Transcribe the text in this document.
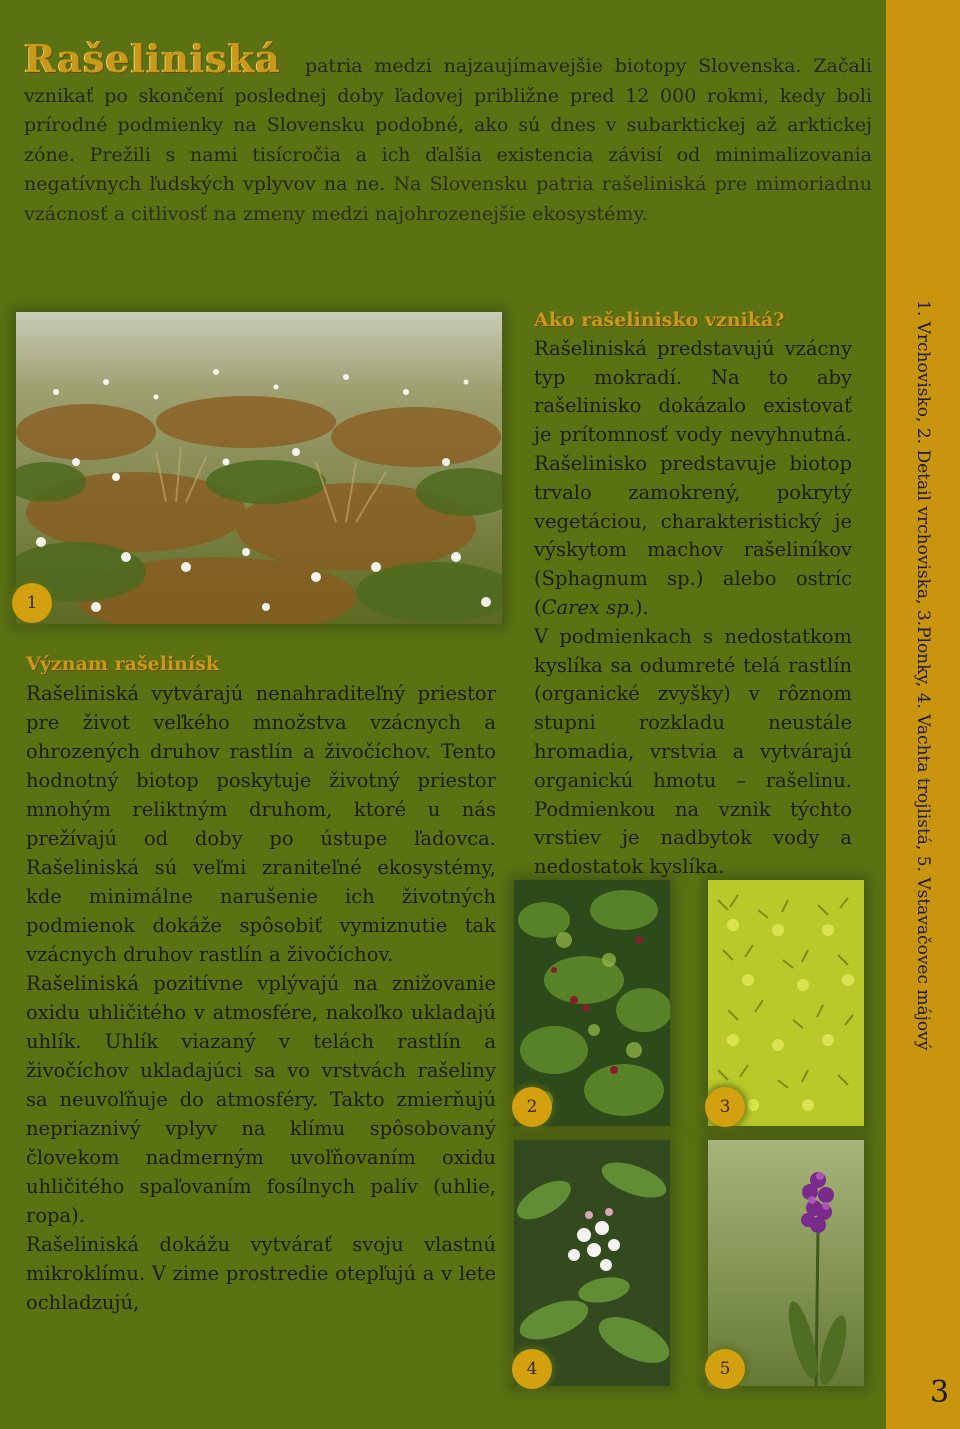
1. Vrchovisko, 2. Detail vrchoviska, 3.Plonky, 4. Vachta trojlistá, 5. Vstavačovec májový
3
Rašeliniská patria medzi najzaujímavejšie biotopy Slovenska. Začali vznikať po skončení poslednej doby ľadovej približne pred 12 000 rokmi, kedy boli prírodné podmienky na Slovensku podobné, ako sú dnes v subarktickej až arktickej zóne. Prežili s nami tisícročia a ich ďalšia existencia závisí od minimalizovania negatívnych ľudských vplyvov na ne. Na Slovensku patria rašeliniská pre mimoriadnu vzácnosť a citlivosť na zmeny medzi najohrozenejšie ekosystémy.
1
2	3
4	5
Význam rašelinísk

Rašeliniská vytvárajú nenahraditeľný priestor pre život veľkého množstva vzácnych a ohrozených druhov rastlín a živočíchov. Tento hodnotný biotop poskytuje životný priestor mnohým reliktným druhom, ktoré u nás prežívajú od doby po ústupe ľadovca. Rašeliniská sú veľmi zraniteľné ekosystémy, kde minimálne narušenie ich životných podmienok dokáže spôsobiť vymiznutie tak vzácnych druhov rastlín a živočíchov.

Rašeliniská pozitívne vplývajú na znižovanie oxidu uhličitého v atmosfére, nakoľko ukladajú uhlík. Uhlík viazaný v telách rastlín a živočíchov ukladajúci sa vo vrstvách rašeliny sa neuvoľňuje do atmosféry. Takto zmierňujú nepriaznivý vplyv na klímu spôsobovaný človekom nadmerným uvoľňovaním oxidu uhličitého spaľovaním fosílnych palív (uhlie, ropa).

Rašeliniská dokážu vytvárať svoju vlastnú mikroklímu. V zime prostredie otepľujú a v lete ochladzujú,

Ako rašelinisko vzniká?

Rašeliniská predstavujú vzácny typ mokradí. Na to aby rašelinisko dokázalo existovať je prítomnosť vody nevyhnutná. Rašelinisko predstavuje biotop trvalo zamokrený, pokrytý vegetáciou, charakteristický je výskytom machov rašeliníkov (Sphagnum sp.) alebo ostríc (Carex sp.).

V podmienkach s nedostatkom kyslíka sa odumreté telá rastlín (organické zvyšky) v rôznom stupni rozkladu neustále hromadia, vrstvia a vytvárajú organickú hmotu – rašelinu. Podmienkou na vznik týchto vrstiev je nadbytok vody a nedostatok kyslíka.
